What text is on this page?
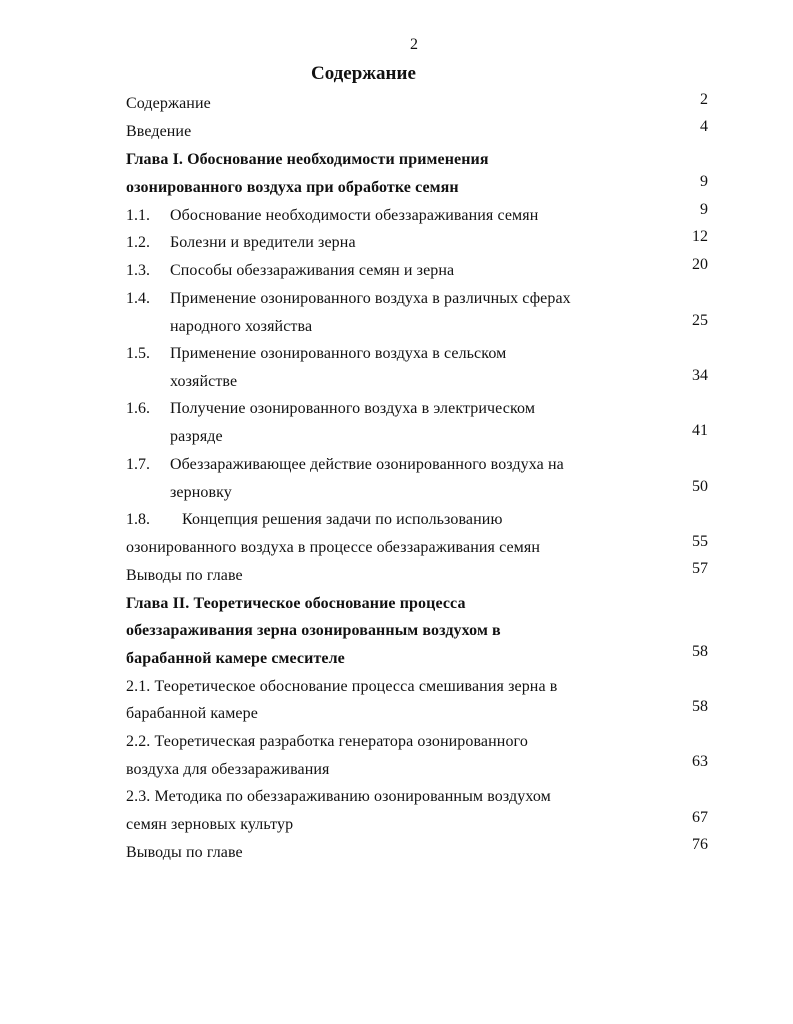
2
Содержание
Содержание	2
Введение	4
Глава I. Обоснование необходимости применения
озонированного воздуха при обработке семян	9
1.1. Обоснование необходимости обеззараживания семян	9
1.2. Болезни и вредители зерна	12
1.3. Способы обеззараживания семян и зерна	20
1.4. Применение озонированного воздуха в различных сферах
народного хозяйства	25
1.5. Применение озонированного воздуха в сельском
хозяйстве	34
1.6. Получение озонированного воздуха в электрическом
разряде	41
1.7. Обеззараживающее действие озонированного воздуха на
зерновку	50
1.8. Концепция решения задачи по использованию
озонированного воздуха в процессе обеззараживания семян	55
Выводы по главе	57
Глава II. Теоретическое обоснование процесса
обеззараживания зерна озонированным воздухом в
барабанной камере смесителе	58
2.1. Теоретическое обоснование процесса смешивания зерна в
барабанной камере	58
2.2. Теоретическая разработка генератора озонированного
воздуха для обеззараживания	63
2.3. Методика по обеззараживанию озонированным воздухом
семян зерновых культур	67
Выводы по главе	76
